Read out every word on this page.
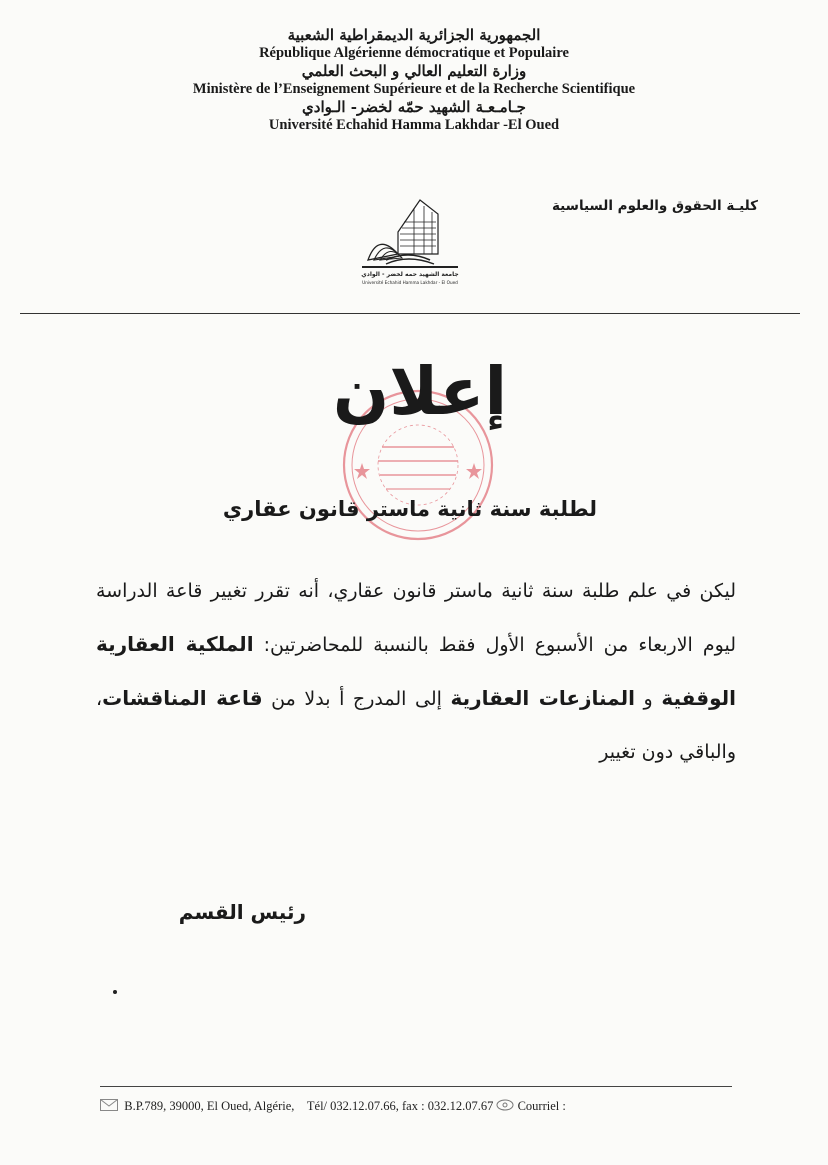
الجمهورية الجزائرية الديمقراطية الشعبية
République Algérienne démocratique et Populaire
وزارة التعليم العالي و البحث العلمي
Ministère de l’Enseignement Supérieure et de la Recherche Scientifique
جـامـعـة الشهيد حمّه لخضر- الـوادي
Université Echahid Hamma Lakhdar -El Oued
كليـة الحقوق والعلوم السياسية
جامعة الشهيد حمه لخضر - الوادي
Université Echahid Hamma Lakhdar - El Oued
إعلان
لطلبة سنة ثانية ماستر قانون عقاري
ليكن في علم طلبة سنة ثانية ماستر قانون عقاري، أنه تقرر تغيير قاعة الدراسة ليوم الاربعاء من الأسبوع الأول فقط بالنسبة للمحاضرتين: الملكية العقارية الوقفية و المنازعات العقارية إلى المدرج أ بدلا من قاعة المناقشات، والباقي دون تغيير
رئيس القسم
B.P.789, 39000, El Oued, Algérie, Tél/ 032.12.07.66, fax : 032.12.07.67 Courriel :
